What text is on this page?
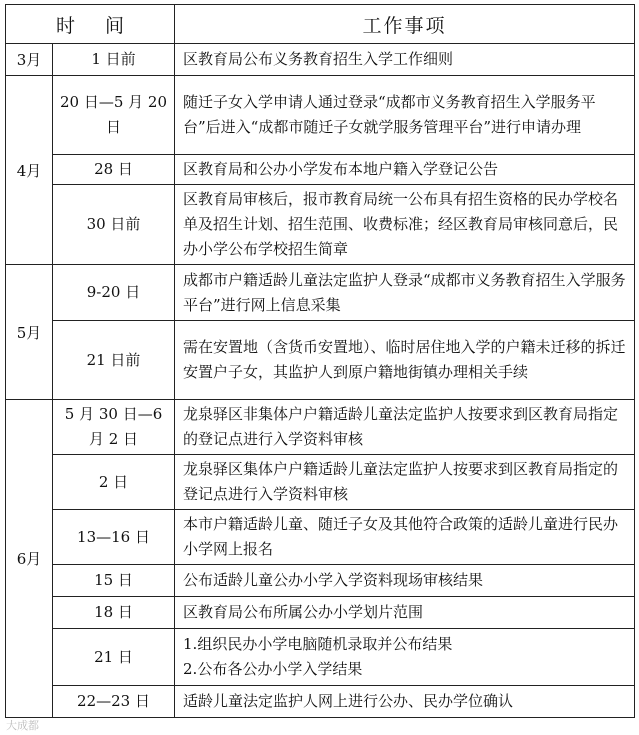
时间		工作事项
3月	1 日前	区教育局公布义务教育招生入学工作细则
4月	20 日—5 月 20 日	随迁子女入学申请人通过登录“成都市义务教育招生入学服务平台”后进入“成都市随迁子女就学服务管理平台”进行申请办理
	28 日	区教育局和公办小学发布本地户籍入学登记公告
	30 日前	区教育局审核后，报市教育局统一公布具有招生资格的民办学校名单及招生计划、招生范围、收费标准；经区教育局审核同意后，民办小学公布学校招生简章
5月	9-20 日	成都市户籍适龄儿童法定监护人登录“成都市义务教育招生入学服务平台”进行网上信息采集
	21 日前	需在安置地（含货币安置地）、临时居住地入学的户籍未迁移的拆迁安置户子女，其监护人到原户籍地街镇办理相关手续
6月	5 月 30 日—6 月 2 日	龙泉驿区非集体户户籍适龄儿童法定监护人按要求到区教育局指定的登记点进行入学资料审核
	2 日	龙泉驿区集体户户籍适龄儿童法定监护人按要求到区教育局指定的登记点进行入学资料审核
	13—16 日	本市户籍适龄儿童、随迁子女及其他符合政策的适龄儿童进行民办小学网上报名
	15 日	公布适龄儿童公办小学入学资料现场审核结果
	18 日	区教育局公布所属公办小学划片范围
	21 日	1.组织民办小学电脑随机录取并公布结果
2.公布各公办小学入学结果

	22—23 日	适龄儿童法定监护人网上进行公办、民办学位确认
大成都
